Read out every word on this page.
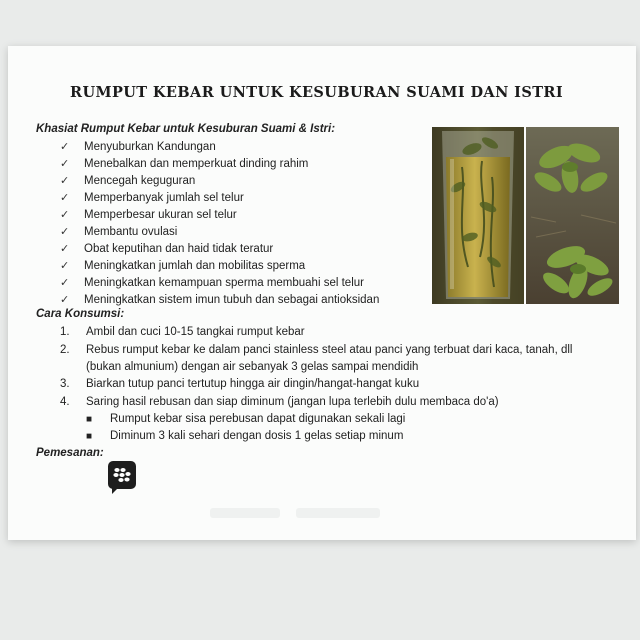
RUMPUT KEBAR UNTUK KESUBURAN SUAMI DAN ISTRI
Khasiat Rumput Kebar untuk Kesuburan Suami & Istri:
✓ Menyuburkan Kandungan
✓ Menebalkan dan memperkuat dinding rahim
✓ Mencegah keguguran
✓ Memperbanyak jumlah sel telur
✓ Memperbesar ukuran sel telur
✓ Membantu ovulasi
✓ Obat keputihan dan haid tidak teratur
✓ Meningkatkan jumlah dan mobilitas sperma
✓ Meningkatkan kemampuan sperma membuahi sel telur
✓ Meningkatkan sistem imun tubuh dan sebagai antioksidan
Cara Konsumsi:
1. Ambil dan cuci 10-15 tangkai rumput kebar
2. Rebus rumput kebar ke dalam panci stainless steel atau panci yang terbuat dari kaca, tanah, dll
(bukan almunium) dengan air sebanyak 3 gelas sampai mendidih
3. Biarkan tutup panci tertutup hingga air dingin/hangat-hangat kuku
4. Saring hasil rebusan dan siap diminum (jangan lupa terlebih dulu membaca do'a)
■ Rumput kebar sisa perebusan dapat digunakan sekali lagi
■ Diminum 3 kali sehari dengan dosis 1 gelas setiap minum
Pemesanan:
